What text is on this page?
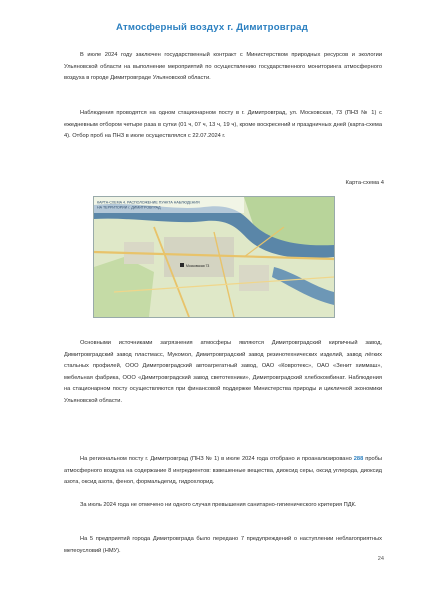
Атмосферный воздух г. Димитровград
В июле 2024 году заключен государственный контракт с Министерством природных ресурсов и экологии Ульяновской области на выполнение мероприятий по осуществлению государственного мониторинга атмосферного воздуха в городе Димитровграде Ульяновской области.
Наблюдения проводятся на одном стационарном посту в г. Димитровград, ул. Московская, 73 (ПНЗ № 1) с ежедневным отбором четыре раза в сутки (01 ч, 07 ч, 13 ч, 19 ч), кроме воскресений и праздничных дней (карта-схема 4). Отбор проб на ПНЗ в июле осуществлялся с 22.07.2024 г.
Карта-схема 4
КАРТА-СХЕМА 4. РАСПОЛОЖЕНИЕ ПУНКТА НАБЛЮДЕНИЯ НА ТЕРРИТОРИИ г. ДИМИТРОВГРАД
Московская 73
Основными источниками загрязнения атмосферы являются Димитровградский кирпичный завод, Димитровградский завод пластмасс, Мукомол, Димитровградский завод резинотехнических изделий, завод лёгких стальных профилей, ООО Димитровградский автоагрегатный завод, ОАО «Ковротекс», ОАО «Зенит химмаш», мебельная фабрика, ООО «Димитровградский завод светотехники», Димитровградский хлебокомбинат. Наблюдения на стационарном посту осуществляются при финансовой поддержке Министерства природы и цикличной экономики Ульяновской области.
На региональном посту г. Димитровград (ПНЗ № 1) в июле 2024 года отобрано и проанализировано 288 пробы атмосферного воздуха на содержание 8 ингредиентов: взвешенные вещества, диоксид серы, оксид углерода, диоксид азота, оксид азота, фенол, формальдегид, гидрохлорид.
За июль 2024 года не отмечено ни одного случая превышения санитарно-гигиенического критерия ПДК.
На 5 предприятий города Димитровграда было передано 7 предупреждений о наступлении неблагоприятных метеоусловий (НМУ).
24
